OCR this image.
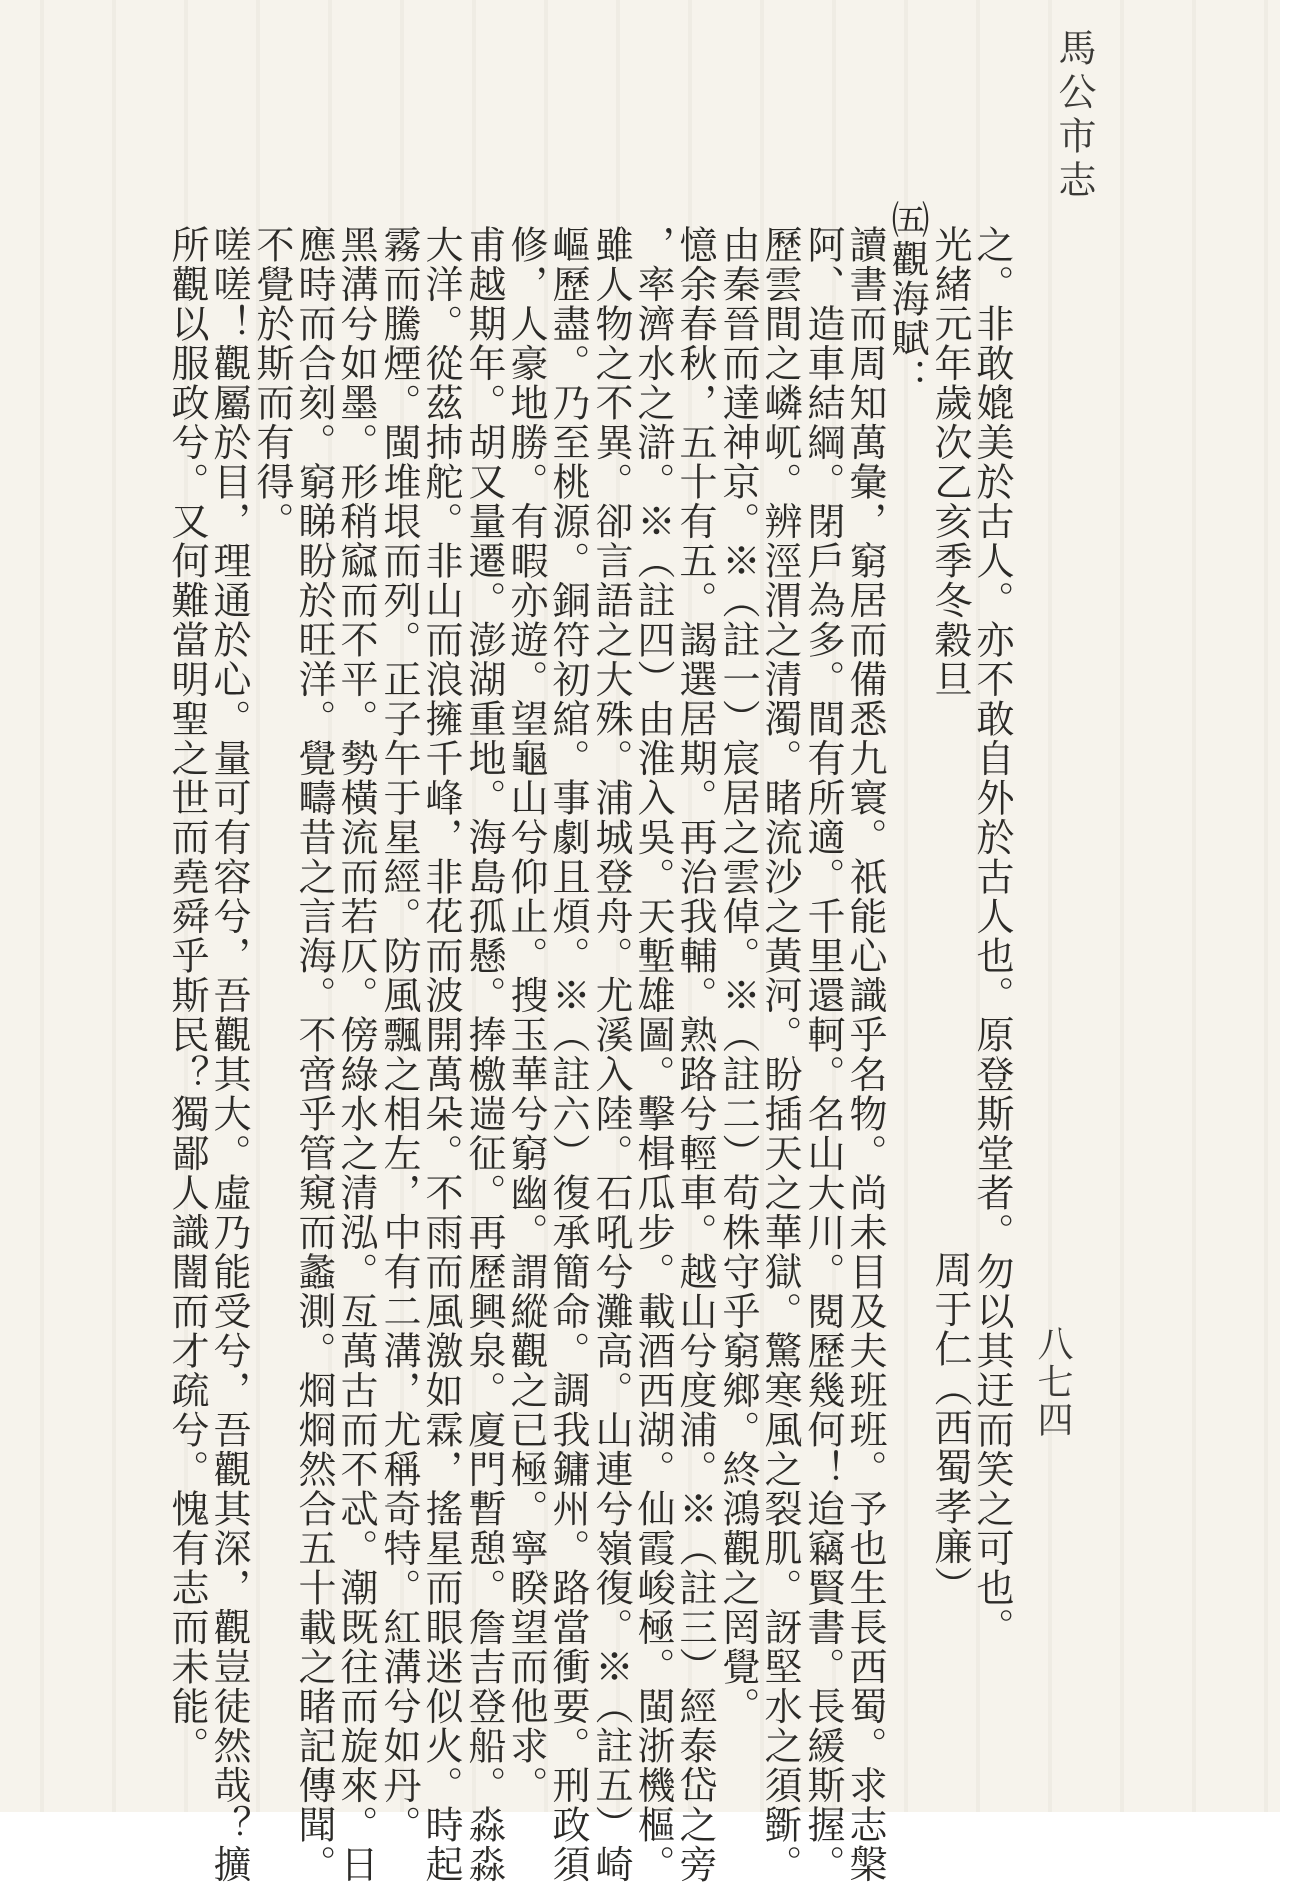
馬公市志
八七四
之。非敢媲美於古人。亦不敢自外於古人也。原登斯堂者。勿以其迂而笑之可也。
光緒元年歲次乙亥季冬穀旦
周于仁（西蜀孝廉）
㈤觀海賦：
讀書而周知萬彙，窮居而備悉九寰。祇能心識乎名物。尚未目及夫班班。予也生長西蜀。求志槃
阿、造車結綱。閉戶為多。間有所適。千里還軻。名山大川。閱歷幾何！迨竊賢書。長緩斯握。
歷雲間之嶙屼。辨涇渭之清濁。睹流沙之黃河。盼插天之華獄。驚寒風之裂肌。訝堅水之須斵。
由秦晉而達神京。※（註一）宸居之雲倬。※（註二）苟株守乎窮鄉。終鴻觀之罔覺。
憶余春秋，五十有五。謁選居期。再治我輔。熟路兮輕車。越山兮度浦。※（註三）經泰岱之旁
，率濟水之滸。※（註四）由淮入吳。天塹雄圖。擊楫瓜步。載酒西湖。仙霞峻極。閩浙機樞。
雖人物之不異。卻言語之大殊。浦城登舟。尤溪入陸。石吼兮灘高。山連兮嶺復。※（註五）崎
嶇歷盡。乃至桃源。銅符初綰。事劇且煩。※（註六）復承簡命。調我鏞州。路當衝要。刑政須
修，人豪地勝。有暇亦遊。望龜山兮仰止。搜玉華兮窮幽。謂縱觀之已極。寧睽望而他求。
甫越期年。胡又量遷。澎湖重地。海島孤懸。捧檄遄征。再歷興泉。廈門暫憩。詹吉登船。淼淼
大洋。從茲㧊舵。非山而浪擁千峰，非花而波開萬朵。不雨而風激如霖，搖星而眼迷似火。時起
霧而騰煙。閩堆垠而列。正子午于星經。防風飄之相左，中有二溝，尤稱奇特。紅溝兮如丹。
黑溝兮如墨。形稍窳而不平。勢橫流而若仄。傍綠水之清泓。亙萬古而不忒。潮既往而旋來。日
應時而合刻。窮睇盼於旺洋。覺疇昔之言海。不啻乎管窺而蠡測。烱烱然合五十載之睹記傳聞。
不覺於斯而有得。
嗟嗟！觀屬於目，理通於心。量可有容兮，吾觀其大。虛乃能受兮，吾觀其深，觀豈徒然哉？擴
所觀以服政兮。又何難當明聖之世而堯舜乎斯民？獨鄙人識闇而才疏兮。愧有志而未能。
